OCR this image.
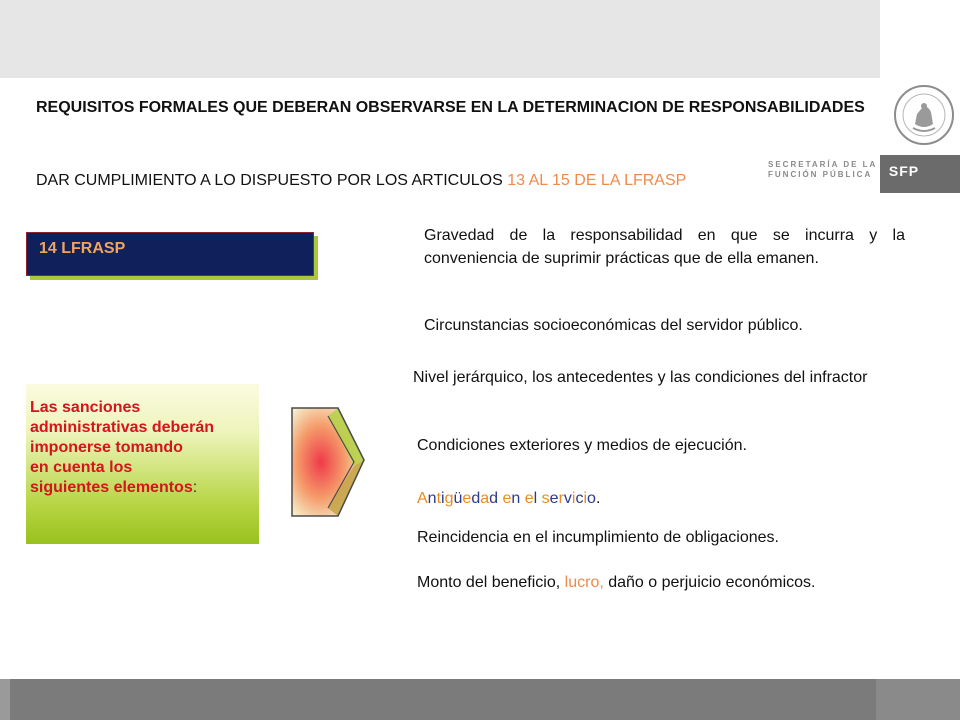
SECRETARÍA DE LA
FUNCIÓN PÚBLICA	SFP
REQUISITOS FORMALES QUE DEBERAN OBSERVARSE EN LA DETERMINACION DE RESPONSABILIDADES
DAR CUMPLIMIENTO A LO DISPUESTO POR LOS ARTICULOS 13 AL 15 DE LA LFRASP
14 LFRASP
Las sanciones
administrativas deberán
imponerse tomando
en cuenta los
siguientes elementos:
Gravedad de la responsabilidad en que se incurra y la conveniencia de suprimir prácticas que de ella emanen.
Circunstancias socioeconómicas del servidor público.
Nivel jerárquico, los antecedentes y las condiciones del infractor
Condiciones exteriores y medios de ejecución.
Antigüedad en el servicio.
Reincidencia en el incumplimiento de obligaciones.
Monto del beneficio, lucro, daño o perjuicio económicos.
